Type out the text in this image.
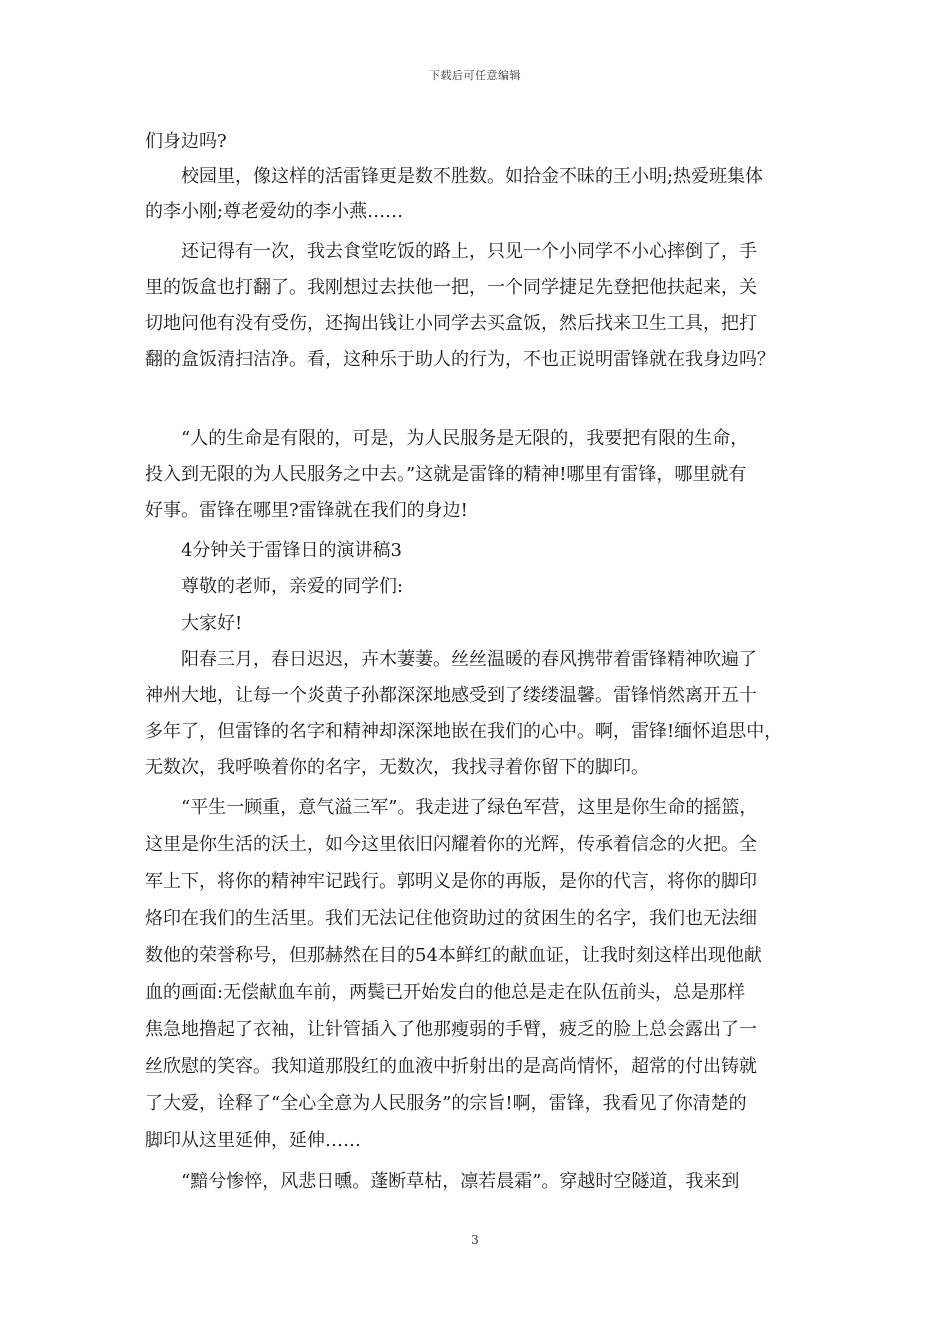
下载后可任意编辑
们身边吗?
校园里，像这样的活雷锋更是数不胜数。如拾金不昧的王小明;热爱班集体
的李小刚;尊老爱幼的李小燕……
还记得有一次，我去食堂吃饭的路上，只见一个小同学不小心摔倒了，手
里的饭盒也打翻了。我刚想过去扶他一把，一个同学捷足先登把他扶起来，关
切地问他有没有受伤，还掏出钱让小同学去买盒饭，然后找来卫生工具，把打
翻的盒饭清扫洁净。看，这种乐于助人的行为，不也正说明雷锋就在我身边吗？
“人的生命是有限的，可是，为人民服务是无限的，我要把有限的生命，
投入到无限的为人民服务之中去。”这就是雷锋的精神!哪里有雷锋，哪里就有
好事。雷锋在哪里?雷锋就在我们的身边!
4分钟关于雷锋日的演讲稿3
尊敬的老师，亲爱的同学们:
大家好!
阳春三月，春日迟迟，卉木萋萋。丝丝温暖的春风携带着雷锋精神吹遍了
神州大地，让每一个炎黄子孙都深深地感受到了缕缕温馨。雷锋悄然离开五十
多年了，但雷锋的名字和精神却深深地嵌在我们的心中。啊，雷锋!缅怀追思中，
无数次，我呼唤着你的名字，无数次，我找寻着你留下的脚印。
“平生一顾重，意气溢三军”。我走进了绿色军营，这里是你生命的摇篮，
这里是你生活的沃土，如今这里依旧闪耀着你的光辉，传承着信念的火把。全
军上下，将你的精神牢记践行。郭明义是你的再版，是你的代言，将你的脚印
烙印在我们的生活里。我们无法记住他资助过的贫困生的名字，我们也无法细
数他的荣誉称号，但那赫然在目的54本鲜红的献血证，让我时刻这样出现他献
血的画面:无偿献血车前，两鬓已开始发白的他总是走在队伍前头，总是那样
焦急地撸起了衣袖，让针管插入了他那瘦弱的手臂，疲乏的脸上总会露出了一
丝欣慰的笑容。我知道那股红的血液中折射出的是高尚情怀，超常的付出铸就
了大爱，诠释了“全心全意为人民服务”的宗旨!啊，雷锋，我看见了你清楚的
脚印从这里延伸，延伸……
“黯兮惨悴，风悲日曛。蓬断草枯，凛若晨霜”。穿越时空隧道，我来到
3
